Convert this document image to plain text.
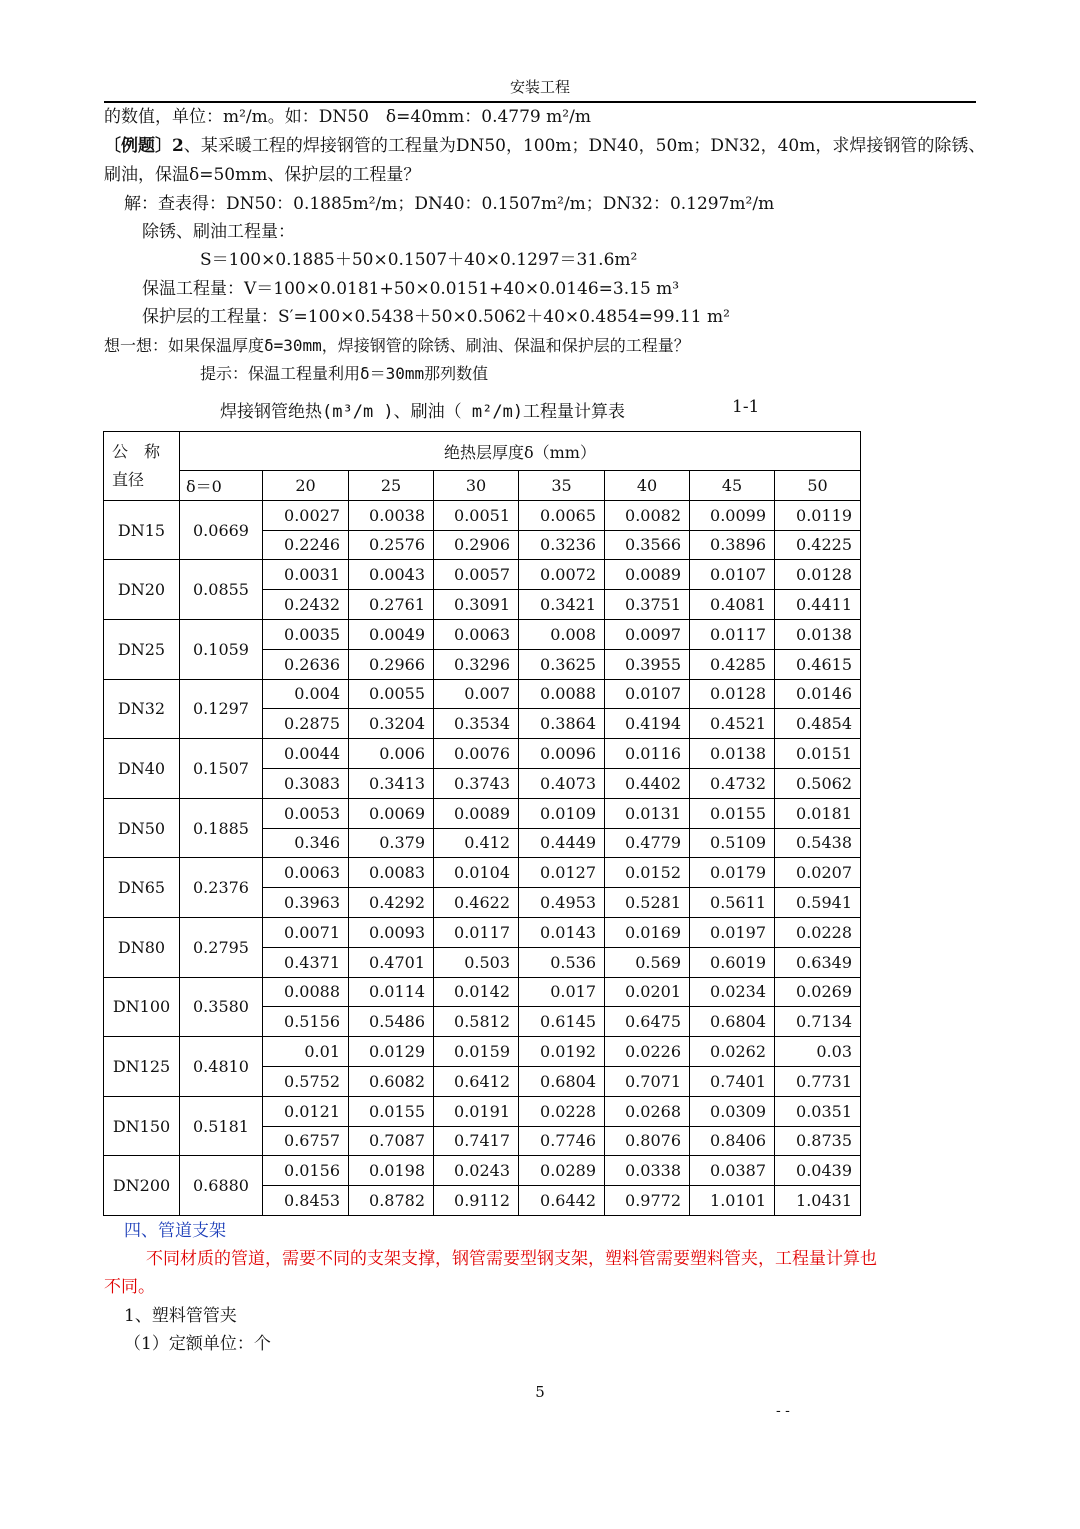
安装工程
的数值，单位：m²/m。如：DN50　δ=40mm：0.4779 m²/m
〔例题〕2、某采暖工程的焊接钢管的工程量为DN50，100m；DN40，50m；DN32，40m，求焊接钢管的除锈、
刷油，保温δ=50mm、保护层的工程量？
解：查表得：DN50：0.1885m²/m；DN40：0.1507m²/m；DN32：0.1297m²/m
除锈、刷油工程量：
S＝100×0.1885＋50×0.1507＋40×0.1297＝31.6m²
保温工程量：V＝100×0.0181+50×0.0151+40×0.0146=3.15 m³
保护层的工程量：S′=100×0.5438＋50×0.5062＋40×0.4854=99.11 m²
想一想：如果保温厚度δ=30mm，焊接钢管的除锈、刷油、保温和保护层的工程量？
提示：保温工程量利用δ＝30mm那列数值
焊接钢管绝热(m³/m )、刷油（ m²/m)工程量计算表	1-1
公　称
直径	绝热层厚度δ（mm）							
	δ＝0	20	25	30	35	40	45	50
DN15	0.0669	0.0027	0.0038	0.0051	0.0065	0.0082	0.0099	0.0119
		0.2246	0.2576	0.2906	0.3236	0.3566	0.3896	0.4225
DN20	0.0855	0.0031	0.0043	0.0057	0.0072	0.0089	0.0107	0.0128
		0.2432	0.2761	0.3091	0.3421	0.3751	0.4081	0.4411
DN25	0.1059	0.0035	0.0049	0.0063	0.008	0.0097	0.0117	0.0138
		0.2636	0.2966	0.3296	0.3625	0.3955	0.4285	0.4615
DN32	0.1297	0.004	0.0055	0.007	0.0088	0.0107	0.0128	0.0146
		0.2875	0.3204	0.3534	0.3864	0.4194	0.4521	0.4854
DN40	0.1507	0.0044	0.006	0.0076	0.0096	0.0116	0.0138	0.0151
		0.3083	0.3413	0.3743	0.4073	0.4402	0.4732	0.5062
DN50	0.1885	0.0053	0.0069	0.0089	0.0109	0.0131	0.0155	0.0181
		0.346	0.379	0.412	0.4449	0.4779	0.5109	0.5438
DN65	0.2376	0.0063	0.0083	0.0104	0.0127	0.0152	0.0179	0.0207
		0.3963	0.4292	0.4622	0.4953	0.5281	0.5611	0.5941
DN80	0.2795	0.0071	0.0093	0.0117	0.0143	0.0169	0.0197	0.0228
		0.4371	0.4701	0.503	0.536	0.569	0.6019	0.6349
DN100	0.3580	0.0088	0.0114	0.0142	0.017	0.0201	0.0234	0.0269
		0.5156	0.5486	0.5812	0.6145	0.6475	0.6804	0.7134
DN125	0.4810	0.01	0.0129	0.0159	0.0192	0.0226	0.0262	0.03
		0.5752	0.6082	0.6412	0.6804	0.7071	0.7401	0.7731
DN150	0.5181	0.0121	0.0155	0.0191	0.0228	0.0268	0.0309	0.0351
		0.6757	0.7087	0.7417	0.7746	0.8076	0.8406	0.8735
DN200	0.6880	0.0156	0.0198	0.0243	0.0289	0.0338	0.0387	0.0439
		0.8453	0.8782	0.9112	0.6442	0.9772	1.0101	1.0431
四、管道支架
不同材质的管道，需要不同的支架支撑，钢管需要型钢支架，塑料管需要塑料管夹，工程量计算也
不同。
1、塑料管管夹
（1）定额单位：个
5
- -
